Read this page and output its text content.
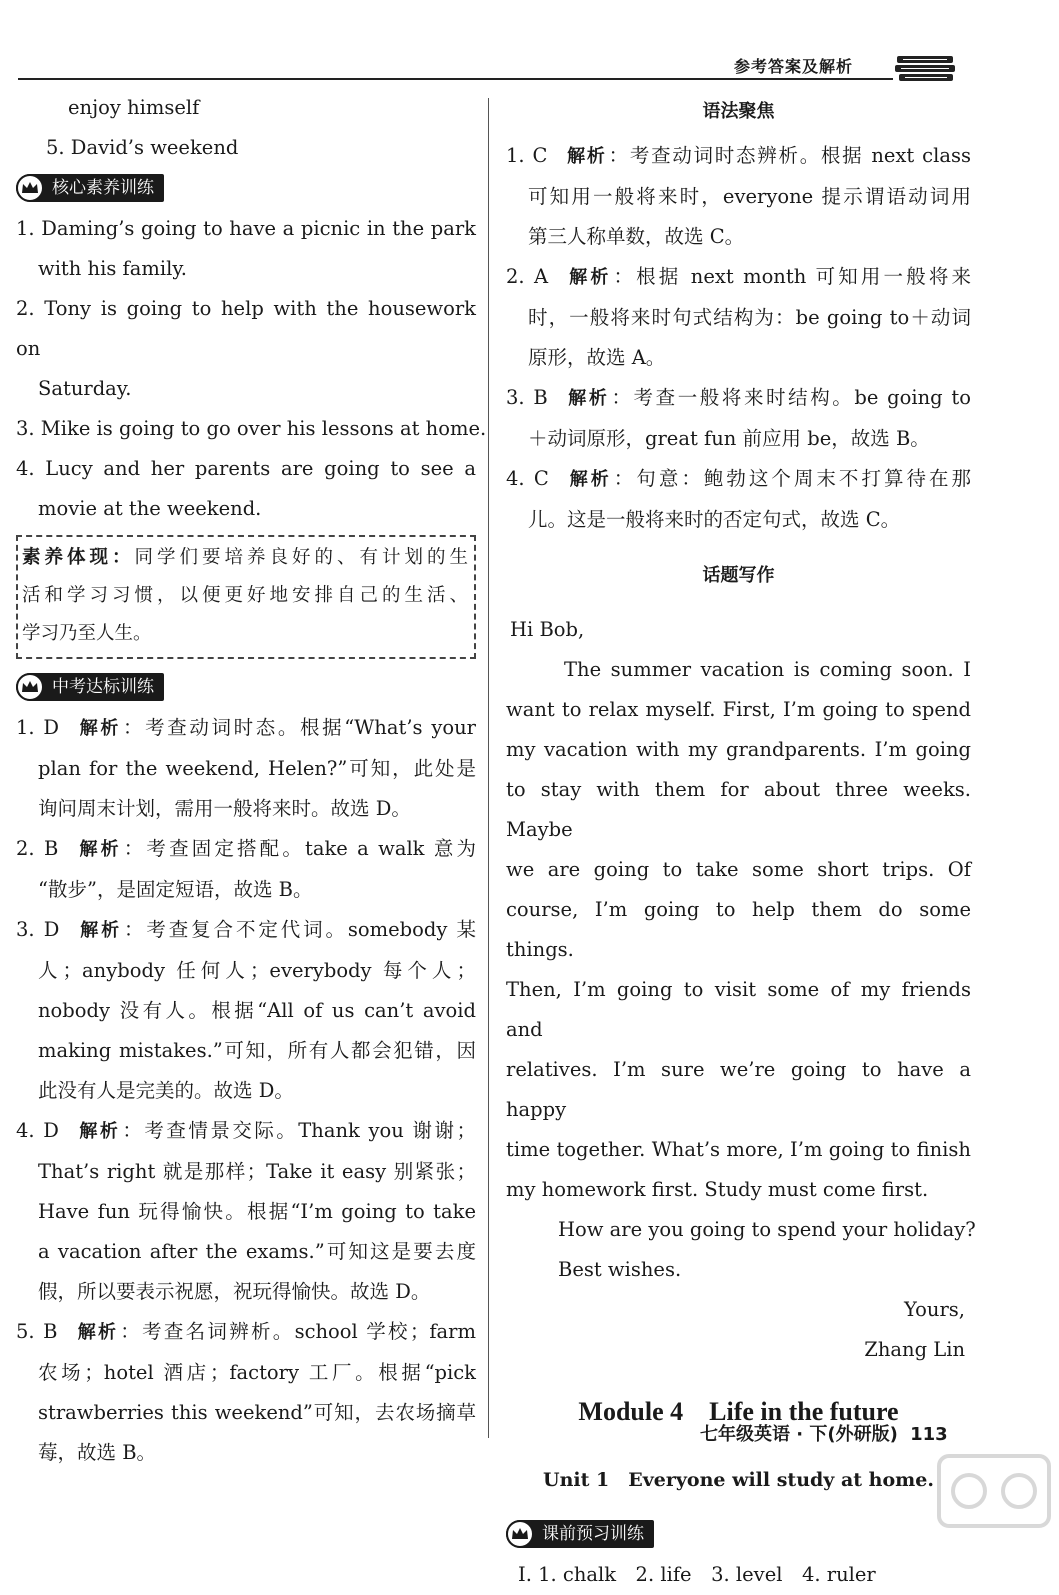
参考答案及解析
enjoy himself
5. David’s weekend
核心素养训练
1. Daming’s going to have a picnic in the park
with his family.
2. Tony is going to help with the housework on
Saturday.
3. Mike is going to go over his lessons at home.
4. Lucy and her parents are going to see a
movie at the weekend.
素养体现：同学们要培养良好的、有计划的生
活和学习习惯，以便更好地安排自己的生活、
学习乃至人生。
中考达标训练
1. D 解析 ：考查动词时态。根据“What’s your
plan for the weekend, Helen?”可知，此处是
询问周末计划，需用一般将来时。故选 D。
2. B 解析 ：考查固定搭配。take a walk 意为
“散步”，是固定短语，故选 B。
3. D 解析 ：考查复合不定代词。somebody 某
人；anybody 任何人；everybody 每个人；
nobody 没有人。根据“All of us can’t avoid
making mistakes.”可知，所有人都会犯错，因
此没有人是完美的。故选 D。
4. D 解析 ：考查情景交际。Thank you 谢谢；
That’s right 就是那样；Take it easy 别紧张；
Have fun 玩得愉快。根据“I’m going to take
a vacation after the exams.”可知这是要去度
假，所以要表示祝愿，祝玩得愉快。故选 D。
5. B 解析 ：考查名词辨析。school 学校；farm
农场；hotel 酒店；factory 工厂。根据“pick
strawberries this weekend”可知，去农场摘草
莓，故选 B。
语法聚焦
1. C 解析 ：考查动词时态辨析。根据 next class
可知用一般将来时，everyone 提示谓语动词用
第三人称单数，故选 C。
2. A 解析 ：根据 next month 可知用一般将来
时，一般将来时句式结构为：be going to＋动词
原形，故选 A。
3. B 解析 ：考查一般将来时结构。be going to
＋动词原形，great fun 前应用 be，故选 B。
4. C 解析 ：句意：鲍勃这个周末不打算待在那
儿。这是一般将来时的否定句式，故选 C。
话题写作
Hi Bob,
The summer vacation is coming soon. I
want to relax myself. First, I’m going to spend
my vacation with my grandparents. I’m going
to stay with them for about three weeks. Maybe
we are going to take some short trips. Of
course, I’m going to help them do some things.
Then, I’m going to visit some of my friends and
relatives. I’m sure we’re going to have a happy
time together. What’s more, I’m going to finish
my homework first. Study must come first.
How are you going to spend your holiday?
Best wishes.
Yours,
Zhang Lin
Module 4　Life in the future
Unit 1　Everyone will study at home.
课前预习训练
Ⅰ. 1. chalk　2. life　3. level　4. ruler
七年级英语 · 下(外研版) 113
